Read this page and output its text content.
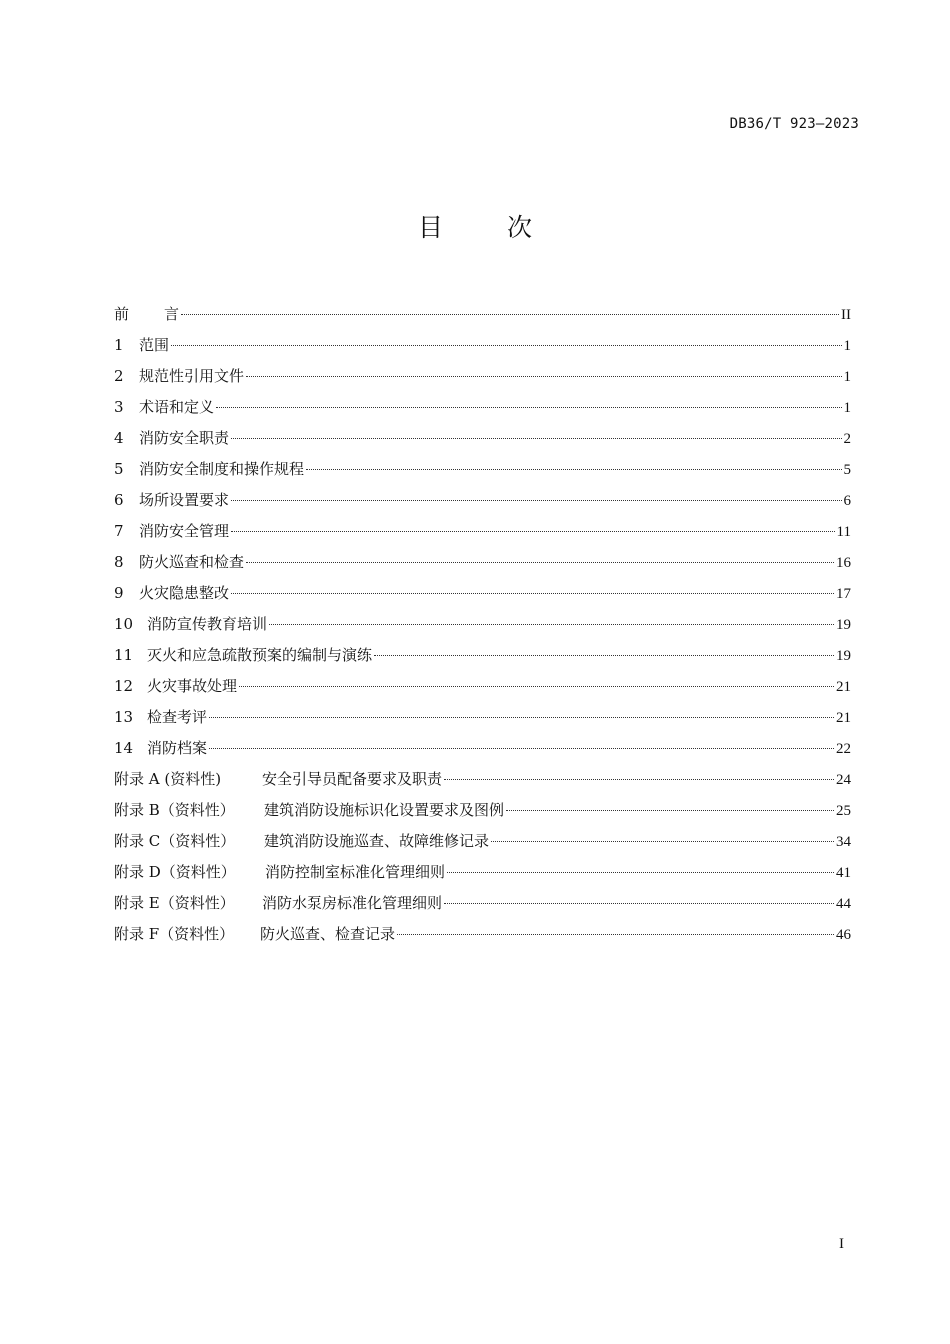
DB36/T 923—2023
目 次
前 言	II
1 范围	1
2 规范性引用文件	1
3 术语和定义	1
4 消防安全职责	2
5 消防安全制度和操作规程	5
6 场所设置要求	6
7 消防安全管理	11
8 防火巡查和检查	16
9 火灾隐患整改	17
10 消防宣传教育培训	19
11 灭火和应急疏散预案的编制与演练	19
12 火灾事故处理	21
13 检查考评	21
14 消防档案	22
附录 A (资料性)	安全引导员配备要求及职责	24
附录 B（资料性） 建筑消防设施标识化设置要求及图例	25
附录 C（资料性） 建筑消防设施巡查、故障维修记录	34
附录 D（资料性） 消防控制室标准化管理细则	41
附录 E（资料性） 消防水泵房标准化管理细则	44
附录 F（资料性） 防火巡查、检查记录	46
I
